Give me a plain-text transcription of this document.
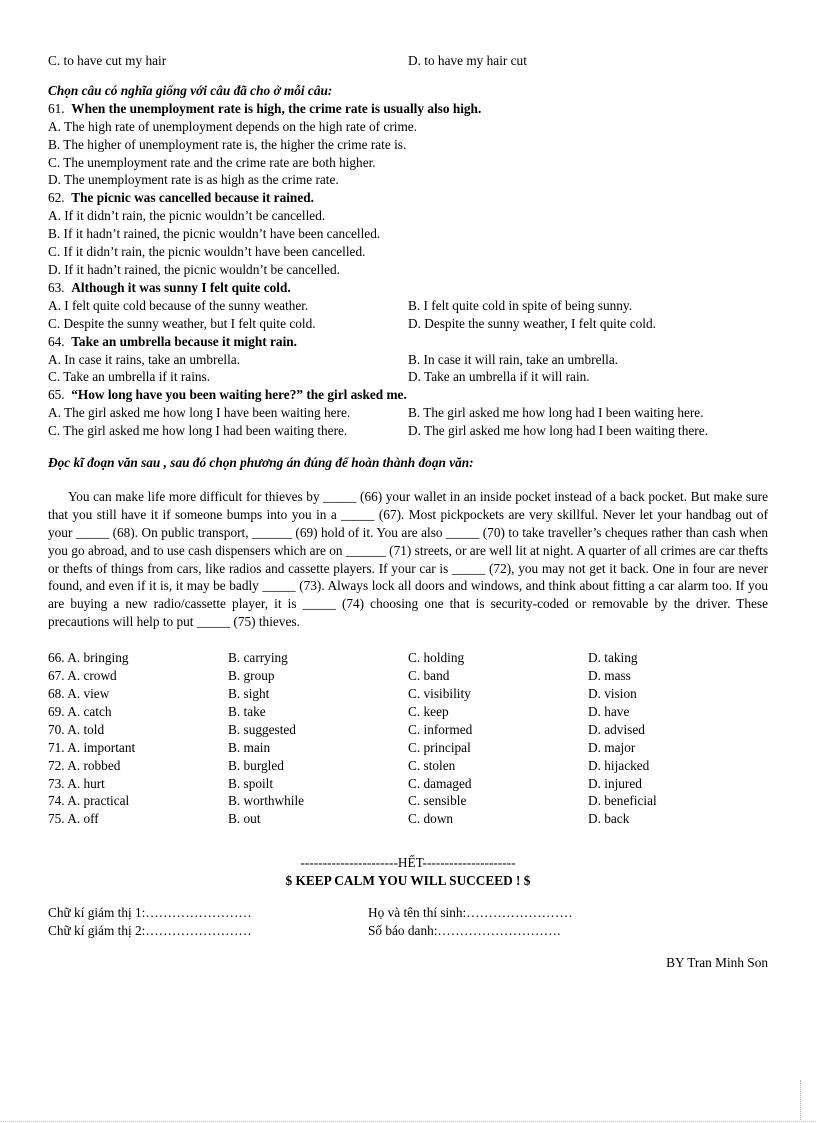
C. to have cut my hair	D. to have my hair cut
Chọn câu có nghĩa giống với câu đã cho ở mỗi câu:
61. When the unemployment rate is high, the crime rate is usually also high.
A. The high rate of unemployment depends on the high rate of crime.
B. The higher of unemployment rate is, the higher the crime rate is.
C. The unemployment rate and the crime rate are both higher.
D. The unemployment rate is as high as the crime rate.
62. The picnic was cancelled because it rained.
A. If it didn’t rain, the picnic wouldn’t be cancelled.
B. If it hadn’t rained, the picnic wouldn’t have been cancelled.
C. If it didn’t rain, the picnic wouldn’t have been cancelled.
D. If it hadn’t rained, the picnic wouldn’t be cancelled.
63. Although it was sunny I felt quite cold.
A. I felt quite cold because of the sunny weather.	B. I felt quite cold in spite of being sunny.
C. Despite the sunny weather, but I felt quite cold.	D. Despite the sunny weather, I felt quite cold.
64. Take an umbrella because it might rain.
A. In case it rains, take an umbrella.	B. In case it will rain, take an umbrella.
C. Take an umbrella if it rains.	D. Take an umbrella if it will rain.
65. “How long have you been waiting here?” the girl asked me.
A. The girl asked me how long I have been waiting here.	B. The girl asked me how long had I been waiting here.
C. The girl asked me how long I had been waiting there.	D. The girl asked me how long had I been waiting there.
Đọc kĩ đoạn văn sau , sau đó chọn phương án đúng để hoàn thành đoạn văn:

You can make life more difficult for thieves by _____ (66) your wallet in an inside pocket instead of a back pocket. But make sure that you still have it if someone bumps into you in a _____ (67). Most pickpockets are very skillful. Never let your handbag out of your _____ (68). On public transport, ______ (69) hold of it. You are also _____ (70) to take traveller’s cheques rather than cash when you go abroad, and to use cash dispensers which are on ______ (71) streets, or are well lit at night. A quarter of all crimes are car thefts or thefts of things from cars, like radios and cassette players. If your car is _____ (72), you may not get it back. One in four are never found, and even if it is, it may be badly _____ (73). Always lock all doors and windows, and think about fitting a car alarm too. If you are buying a new radio/cassette player, it is _____ (74) choosing one that is security-coded or removable by the driver. These precautions will help to put _____ (75) thieves.

66. A. bringing	B. carrying	C. holding	D. taking
67. A. crowd	B. group	C. band	D. mass
68. A. view	B. sight	C. visibility	D. vision
69. A. catch	B. take	C. keep	D. have
70. A. told	B. suggested	C. informed	D. advised
71. A. important	B. main	C. principal	D. major
72. A. robbed	B. burgled	C. stolen	D. hijacked
73. A. hurt	B. spoilt	C. damaged	D. injured
74. A. practical	B. worthwhile	C. sensible	D. beneficial
75. A. off	B. out	C. down	D. back
----------------------HẾT---------------------
$ KEEP CALM YOU WILL SUCCEED ! $
Chữ kí giám thị 1:……………………	Họ và tên thí sinh:……………………
Chữ kí giám thị 2:……………………	Số báo danh:……………………….
BY Tran Minh Son
